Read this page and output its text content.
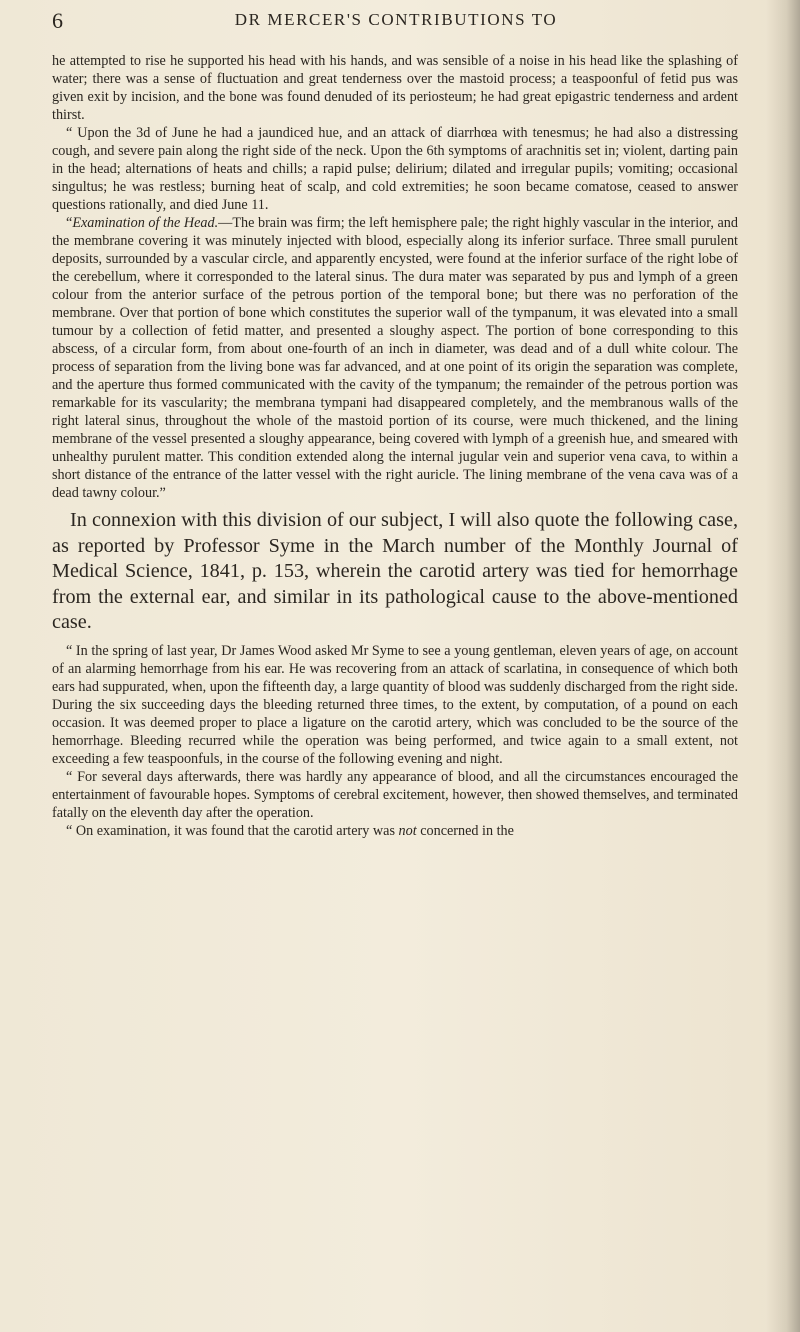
6	DR MERCER'S CONTRIBUTIONS TO

he attempted to rise he supported his head with his hands, and was sensible of a noise in his head like the splashing of water; there was a sense of fluctuation and great tenderness over the mastoid process; a teaspoonful of fetid pus was given exit by incision, and the bone was found denuded of its periosteum; he had great epigastric tenderness and ardent thirst.

“ Upon the 3d of June he had a jaundiced hue, and an attack of diarrhœa with tenesmus; he had also a distressing cough, and severe pain along the right side of the neck. Upon the 6th symptoms of arachnitis set in; violent, darting pain in the head; alternations of heats and chills; a rapid pulse; delirium; dilated and irregular pupils; vomiting; occasional singultus; he was restless; burning heat of scalp, and cold extremities; he soon became comatose, ceased to answer questions rationally, and died June 11.

“Examination of the Head.—The brain was firm; the left hemisphere pale; the right highly vascular in the interior, and the membrane covering it was minutely injected with blood, especially along its inferior surface. Three small purulent deposits, surrounded by a vascular circle, and apparently encysted, were found at the inferior surface of the right lobe of the cerebellum, where it corresponded to the lateral sinus. The dura mater was separated by pus and lymph of a green colour from the anterior surface of the petrous portion of the temporal bone; but there was no perforation of the membrane. Over that portion of bone which constitutes the superior wall of the tympanum, it was elevated into a small tumour by a collection of fetid matter, and presented a sloughy aspect. The portion of bone corresponding to this abscess, of a circular form, from about one-fourth of an inch in diameter, was dead and of a dull white colour. The process of separation from the living bone was far advanced, and at one point of its origin the separation was complete, and the aperture thus formed communicated with the cavity of the tympanum; the remainder of the petrous portion was remarkable for its vascularity; the membrana tympani had disappeared completely, and the membranous walls of the right lateral sinus, throughout the whole of the mastoid portion of its course, were much thickened, and the lining membrane of the vessel presented a sloughy appearance, being covered with lymph of a greenish hue, and smeared with unhealthy purulent matter. This condition extended along the internal jugular vein and superior vena cava, to within a short distance of the entrance of the latter vessel with the right auricle. The lining membrane of the vena cava was of a dead tawny colour.”

In connexion with this division of our subject, I will also quote the following case, as reported by Professor Syme in the March number of the Monthly Journal of Medical Science, 1841, p. 153, wherein the carotid artery was tied for hemorrhage from the external ear, and similar in its pathological cause to the above-mentioned case.

“ In the spring of last year, Dr James Wood asked Mr Syme to see a young gentleman, eleven years of age, on account of an alarming hemorrhage from his ear. He was recovering from an attack of scarlatina, in consequence of which both ears had suppurated, when, upon the fifteenth day, a large quantity of blood was suddenly discharged from the right side. During the six succeeding days the bleeding returned three times, to the extent, by computation, of a pound on each occasion. It was deemed proper to place a ligature on the carotid artery, which was concluded to be the source of the hemorrhage. Bleeding recurred while the operation was being performed, and twice again to a small extent, not exceeding a few teaspoonfuls, in the course of the following evening and night.

“ For several days afterwards, there was hardly any appearance of blood, and all the circumstances encouraged the entertainment of favourable hopes. Symptoms of cerebral excitement, however, then showed themselves, and terminated fatally on the eleventh day after the operation.

“ On examination, it was found that the carotid artery was not concerned in the
